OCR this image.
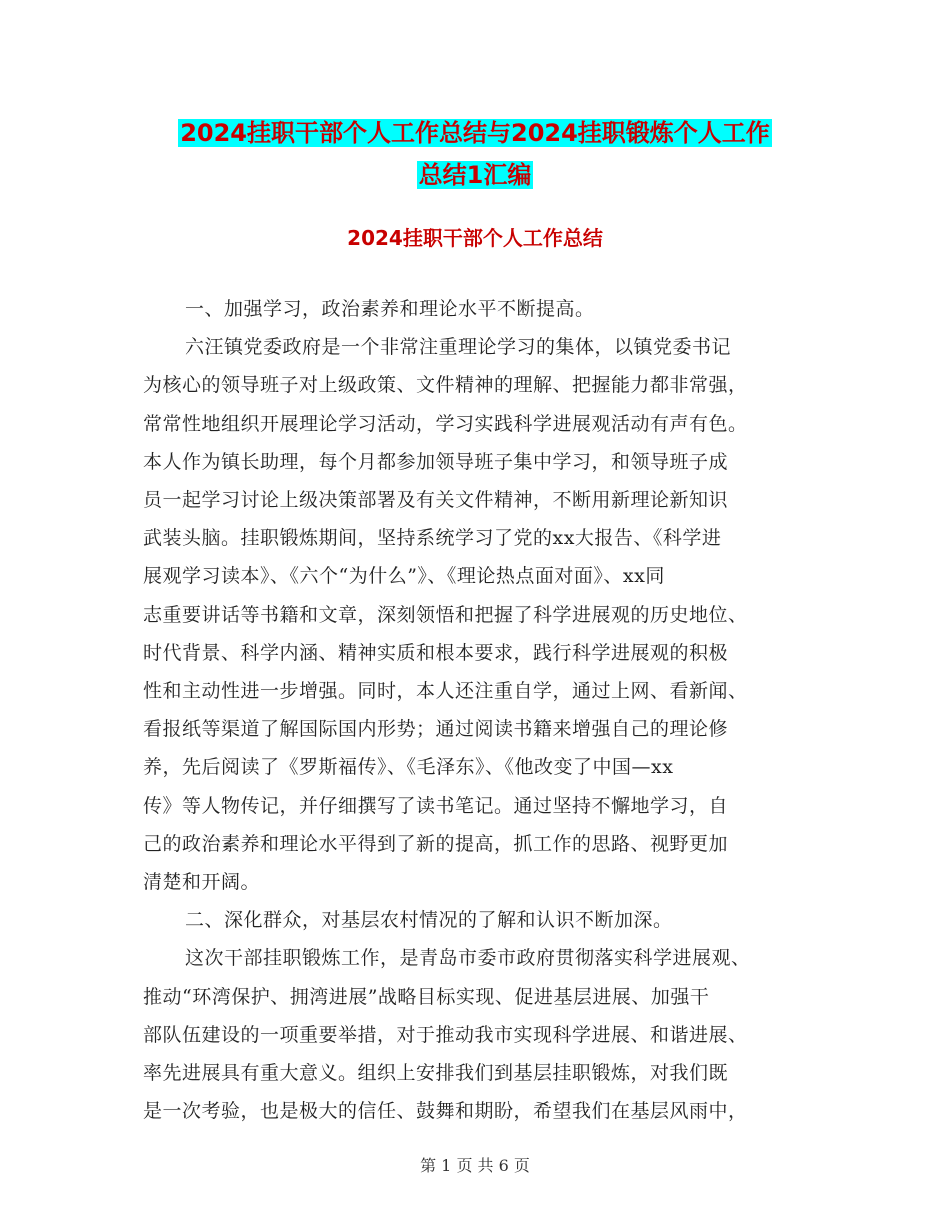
2024挂职干部个人工作总结与2024挂职锻炼个人工作
总结1汇编
2024挂职干部个人工作总结

一、加强学习，政治素养和理论水平不断提高。

六汪镇党委政府是一个非常注重理论学习的集体，以镇党委书记

为核心的领导班子对上级政策、文件精神的理解、把握能力都非常强，

常常性地组织开展理论学习活动，学习实践科学进展观活动有声有色。

本人作为镇长助理，每个月都参加领导班子集中学习，和领导班子成

员一起学习讨论上级决策部署及有关文件精神，不断用新理论新知识

武装头脑。挂职锻炼期间，坚持系统学习了党的xx大报告、《科学进

展观学习读本》、《六个“为什么”》、《理论热点面对面》、xx同

志重要讲话等书籍和文章，深刻领悟和把握了科学进展观的历史地位、

时代背景、科学内涵、精神实质和根本要求，践行科学进展观的积极

性和主动性进一步增强。同时，本人还注重自学，通过上网、看新闻、

看报纸等渠道了解国际国内形势；通过阅读书籍来增强自己的理论修

养，先后阅读了《罗斯福传》、《毛泽东》、《他改变了中国—xx

传》等人物传记，并仔细撰写了读书笔记。通过坚持不懈地学习，自

己的政治素养和理论水平得到了新的提高，抓工作的思路、视野更加

清楚和开阔。

二、深化群众，对基层农村情况的了解和认识不断加深。

这次干部挂职锻炼工作，是青岛市委市政府贯彻落实科学进展观、

推动“环湾保护、拥湾进展”战略目标实现、促进基层进展、加强干

部队伍建设的一项重要举措，对于推动我市实现科学进展、和谐进展、

率先进展具有重大意义。组织上安排我们到基层挂职锻炼，对我们既

是一次考验，也是极大的信任、鼓舞和期盼，希望我们在基层风雨中，

第 1 页 共 6 页
